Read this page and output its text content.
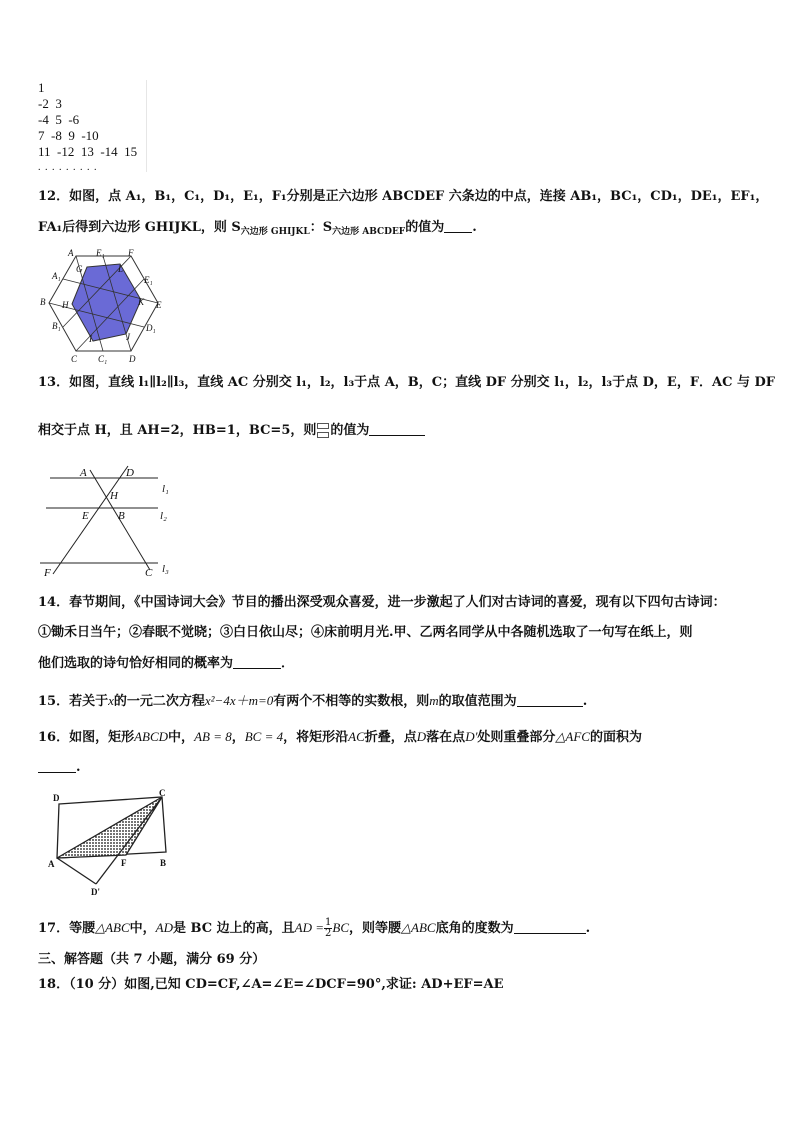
1
-2  3
-4  5  -6
7  -8  9  -10
11  -12  13  -14  15
. . . . . . . . .
12．如图，点 A₁，B₁，C₁，D₁，E₁，F₁分别是正六边形 ABCDEF 六条边的中点，连接 AB₁，BC₁，CD₁，DE₁，EF₁，
FA₁后得到六边形 GHIJKL，则 $S_{六边形 GHIJKL}$：$S_{六边形 ABCDEF}$的值为 .
A	E₁	F
A₁
G	L
E₁
B H	K E
B₁	D₁
I	J
C C₁ D
13．如图，直线 l₁∥l₂∥l₃，直线 AC 分别交 l₁，l₂，l₃于点 A，B，C；直线 DF 分别交 l₁，l₂，l₃于点 D，E，F．AC 与 DF
相交于点 H，且 AH=2，HB=1，BC=5，则 的值为
A	D
l₁
H
E	B	l₂
F	C l₃
14．春节期间，《中国诗词大会》节目的播出深受观众喜爱，进一步激起了人们对古诗词的喜爱，现有以下四句古诗词：
①锄禾日当午；②春眠不觉晓；③白日依山尽；④床前明月光.甲、乙两名同学从中各随机选取了一句写在纸上，则
他们选取的诗句恰好相同的概率为	．
15．若关于x的一元二次方程x²−4x＋m=0有两个不相等的实数根，则m的取值范围为	.
16．如图，矩形ABCD中，AB = 8，BC = 4，将矩形沿AC折叠，点D落在点D'处则重叠部分△AFC的面积为
.
D	C
A	F	B
D'
17．等腰△ABC中，AD是 BC 边上的高，且AD = $\frac{1}{2}$ BC，则等腰△ABC底角的度数为	.
三、解答题（共 7 小题，满分 69 分）
18．（10 分）如图,已知 CD=CF,∠A=∠E=∠DCF=90°,求证: AD+EF=AE
